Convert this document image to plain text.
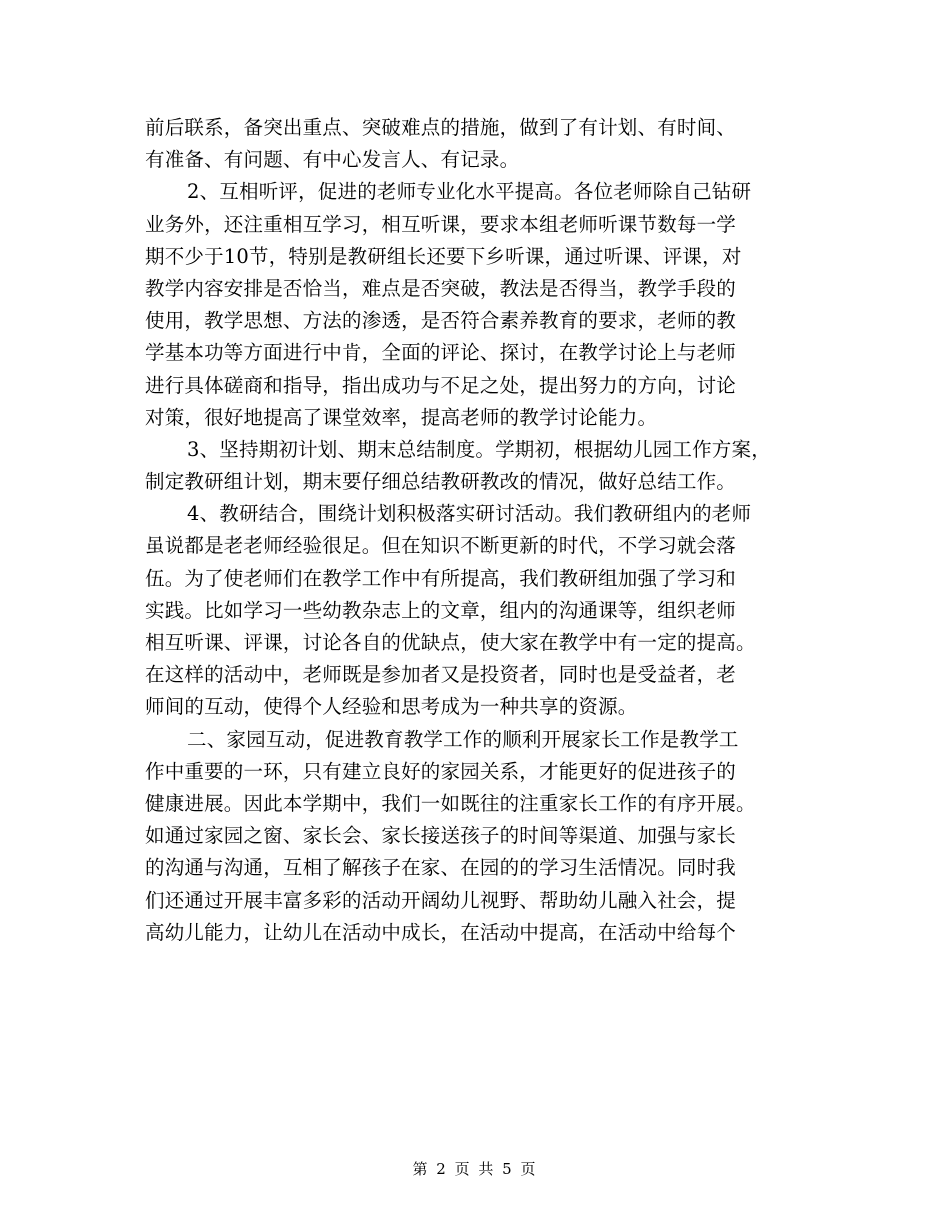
前后联系，备突出重点、突破难点的措施，做到了有计划、有时间、
有准备、有问题、有中心发言人、有记录。
2、互相听评，促进的老师专业化水平提高。各位老师除自己钻研
业务外，还注重相互学习，相互听课，要求本组老师听课节数每一学
期不少于10节，特别是教研组长还要下乡听课，通过听课、评课，对
教学内容安排是否恰当，难点是否突破，教法是否得当，教学手段的
使用，教学思想、方法的渗透，是否符合素养教育的要求，老师的教
学基本功等方面进行中肯，全面的评论、探讨，在教学讨论上与老师
进行具体磋商和指导，指出成功与不足之处，提出努力的方向，讨论
对策，很好地提高了课堂效率，提高老师的教学讨论能力。
3、坚持期初计划、期末总结制度。学期初，根据幼儿园工作方案，
制定教研组计划，期末要仔细总结教研教改的情况，做好总结工作。
4、教研结合，围绕计划积极落实研讨活动。我们教研组内的老师
虽说都是老老师经验很足。但在知识不断更新的时代，不学习就会落
伍。为了使老师们在教学工作中有所提高，我们教研组加强了学习和
实践。比如学习一些幼教杂志上的文章，组内的沟通课等，组织老师
相互听课、评课，讨论各自的优缺点，使大家在教学中有一定的提高。
在这样的活动中，老师既是参加者又是投资者，同时也是受益者，老
师间的互动，使得个人经验和思考成为一种共享的资源。
二、家园互动，促进教育教学工作的顺利开展家长工作是教学工
作中重要的一环，只有建立良好的家园关系，才能更好的促进孩子的
健康进展。因此本学期中，我们一如既往的注重家长工作的有序开展。
如通过家园之窗、家长会、家长接送孩子的时间等渠道、加强与家长
的沟通与沟通，互相了解孩子在家、在园的的学习生活情况。同时我
们还通过开展丰富多彩的活动开阔幼儿视野、帮助幼儿融入社会，提
高幼儿能力，让幼儿在活动中成长，在活动中提高，在活动中给每个
第 2 页 共 5 页
